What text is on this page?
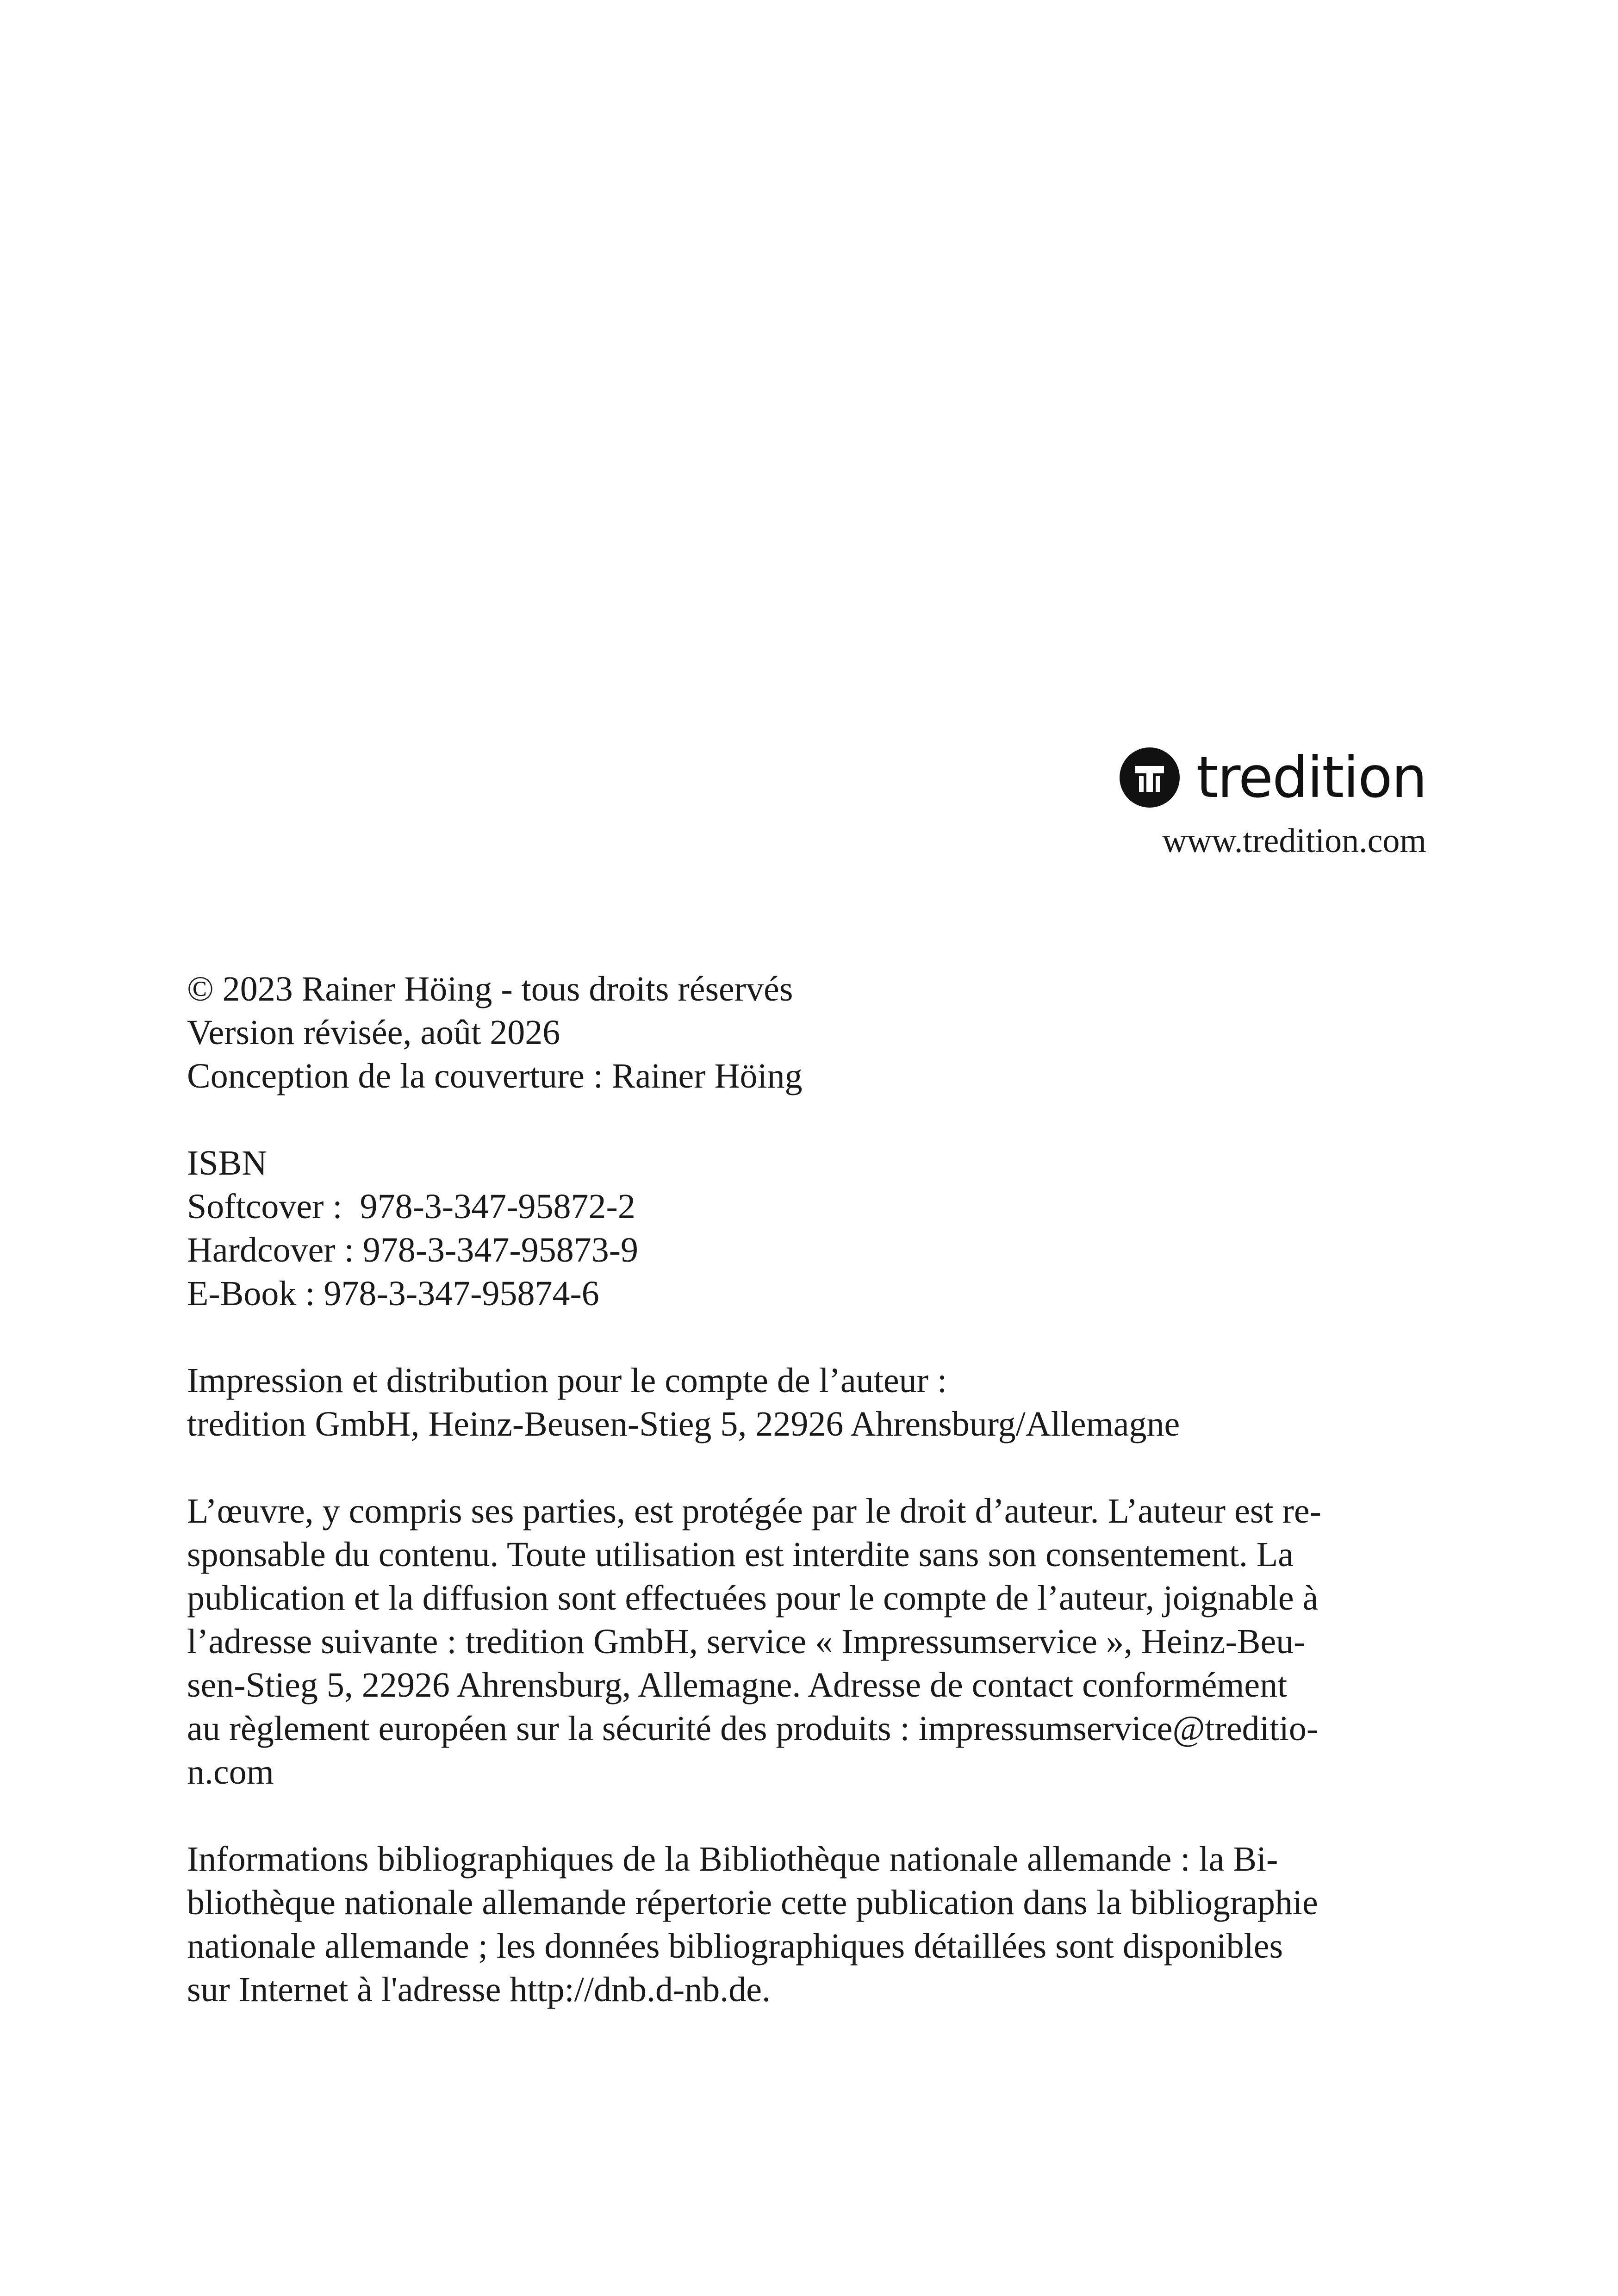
tredition
www.tredition.com
© 2023 Rainer Höing - tous droits réservés
Version révisée, août 2026
Conception de la couverture : Rainer Höing
ISBN
Softcover :  978-3-347-95872-2
Hardcover : 978-3-347-95873-9
E-Book : 978-3-347-95874-6
Impression et distribution pour le compte de l’auteur :
tredition GmbH, Heinz-Beusen-Stieg 5, 22926 Ahrensburg/Allemagne
L’œuvre, y compris ses parties, est protégée par le droit d’auteur. L’auteur est re-
sponsable du contenu. Toute utilisation est interdite sans son consentement. La
publication et la diffusion sont effectuées pour le compte de l’auteur, joignable à
l’adresse suivante : tredition GmbH, service « Impressumservice », Heinz-Beu-
sen-Stieg 5, 22926 Ahrensburg, Allemagne. Adresse de contact conformément
au règlement européen sur la sécurité des produits : impressumservice@treditio-
n.com
Informations bibliographiques de la Bibliothèque nationale allemande : la Bi-
bliothèque nationale allemande répertorie cette publication dans la bibliographie
nationale allemande ; les données bibliographiques détaillées sont disponibles
sur Internet à l'adresse http://dnb.d-nb.de.
